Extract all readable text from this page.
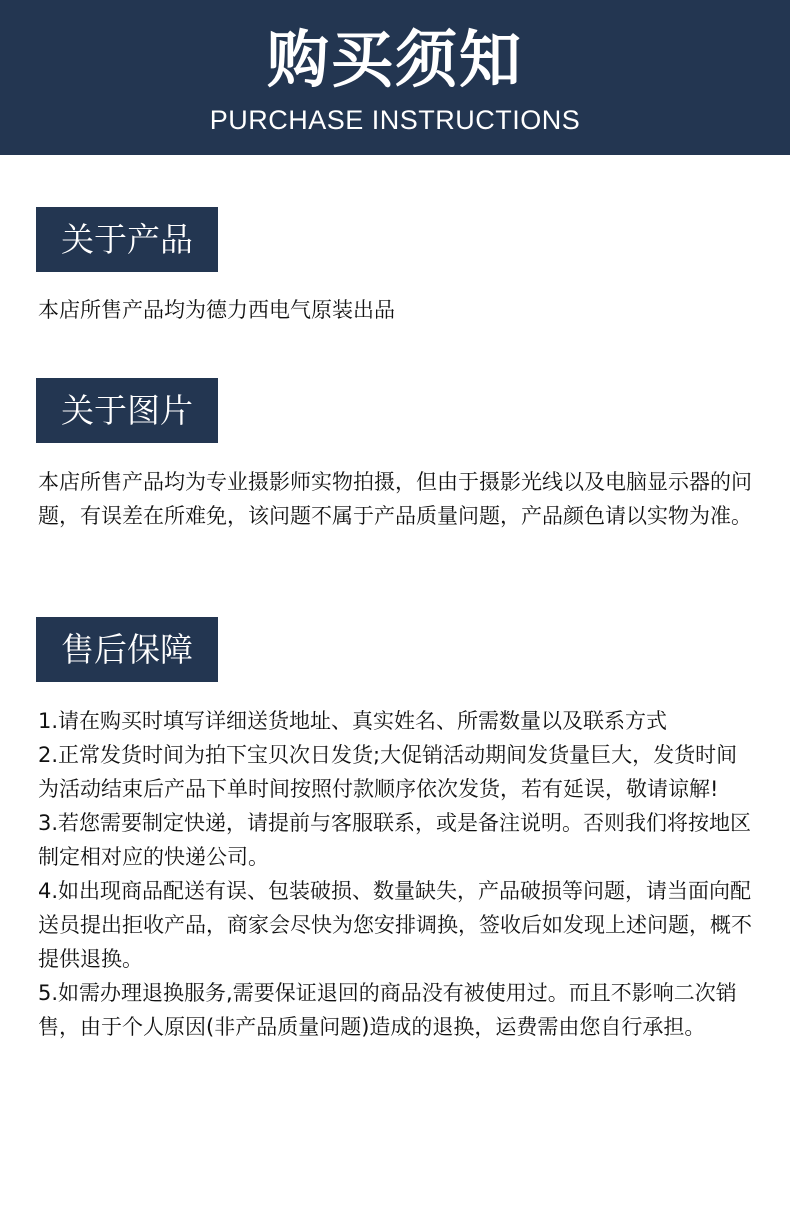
购买须知
PURCHASE INSTRUCTIONS
关于产品

本店所售产品均为德力西电气原装出品

关于图片

本店所售产品均为专业摄影师实物拍摄，但由于摄影光线以及电脑显示器的问题，有误差在所难免，该问题不属于产品质量问题，产品颜色请以实物为准。

售后保障
1.请在购买时填写详细送货地址、真实姓名、所需数量以及联系方式
2.正常发货时间为拍下宝贝次日发货;大促销活动期间发货量巨大，发货时间为活动结束后产品下单时间按照付款顺序依次发货，若有延误，敬请谅解!
3.若您需要制定快递，请提前与客服联系，或是备注说明。否则我们将按地区制定相对应的快递公司。
4.如出现商品配送有误、包装破损、数量缺失，产品破损等问题，请当面向配送员提出拒收产品，商家会尽快为您安排调换，签收后如发现上述问题，概不提供退换。
5.如需办理退换服务,需要保证退回的商品没有被使用过。而且不影响二次销售，由于个人原因(非产品质量问题)造成的退换，运费需由您自行承担。
